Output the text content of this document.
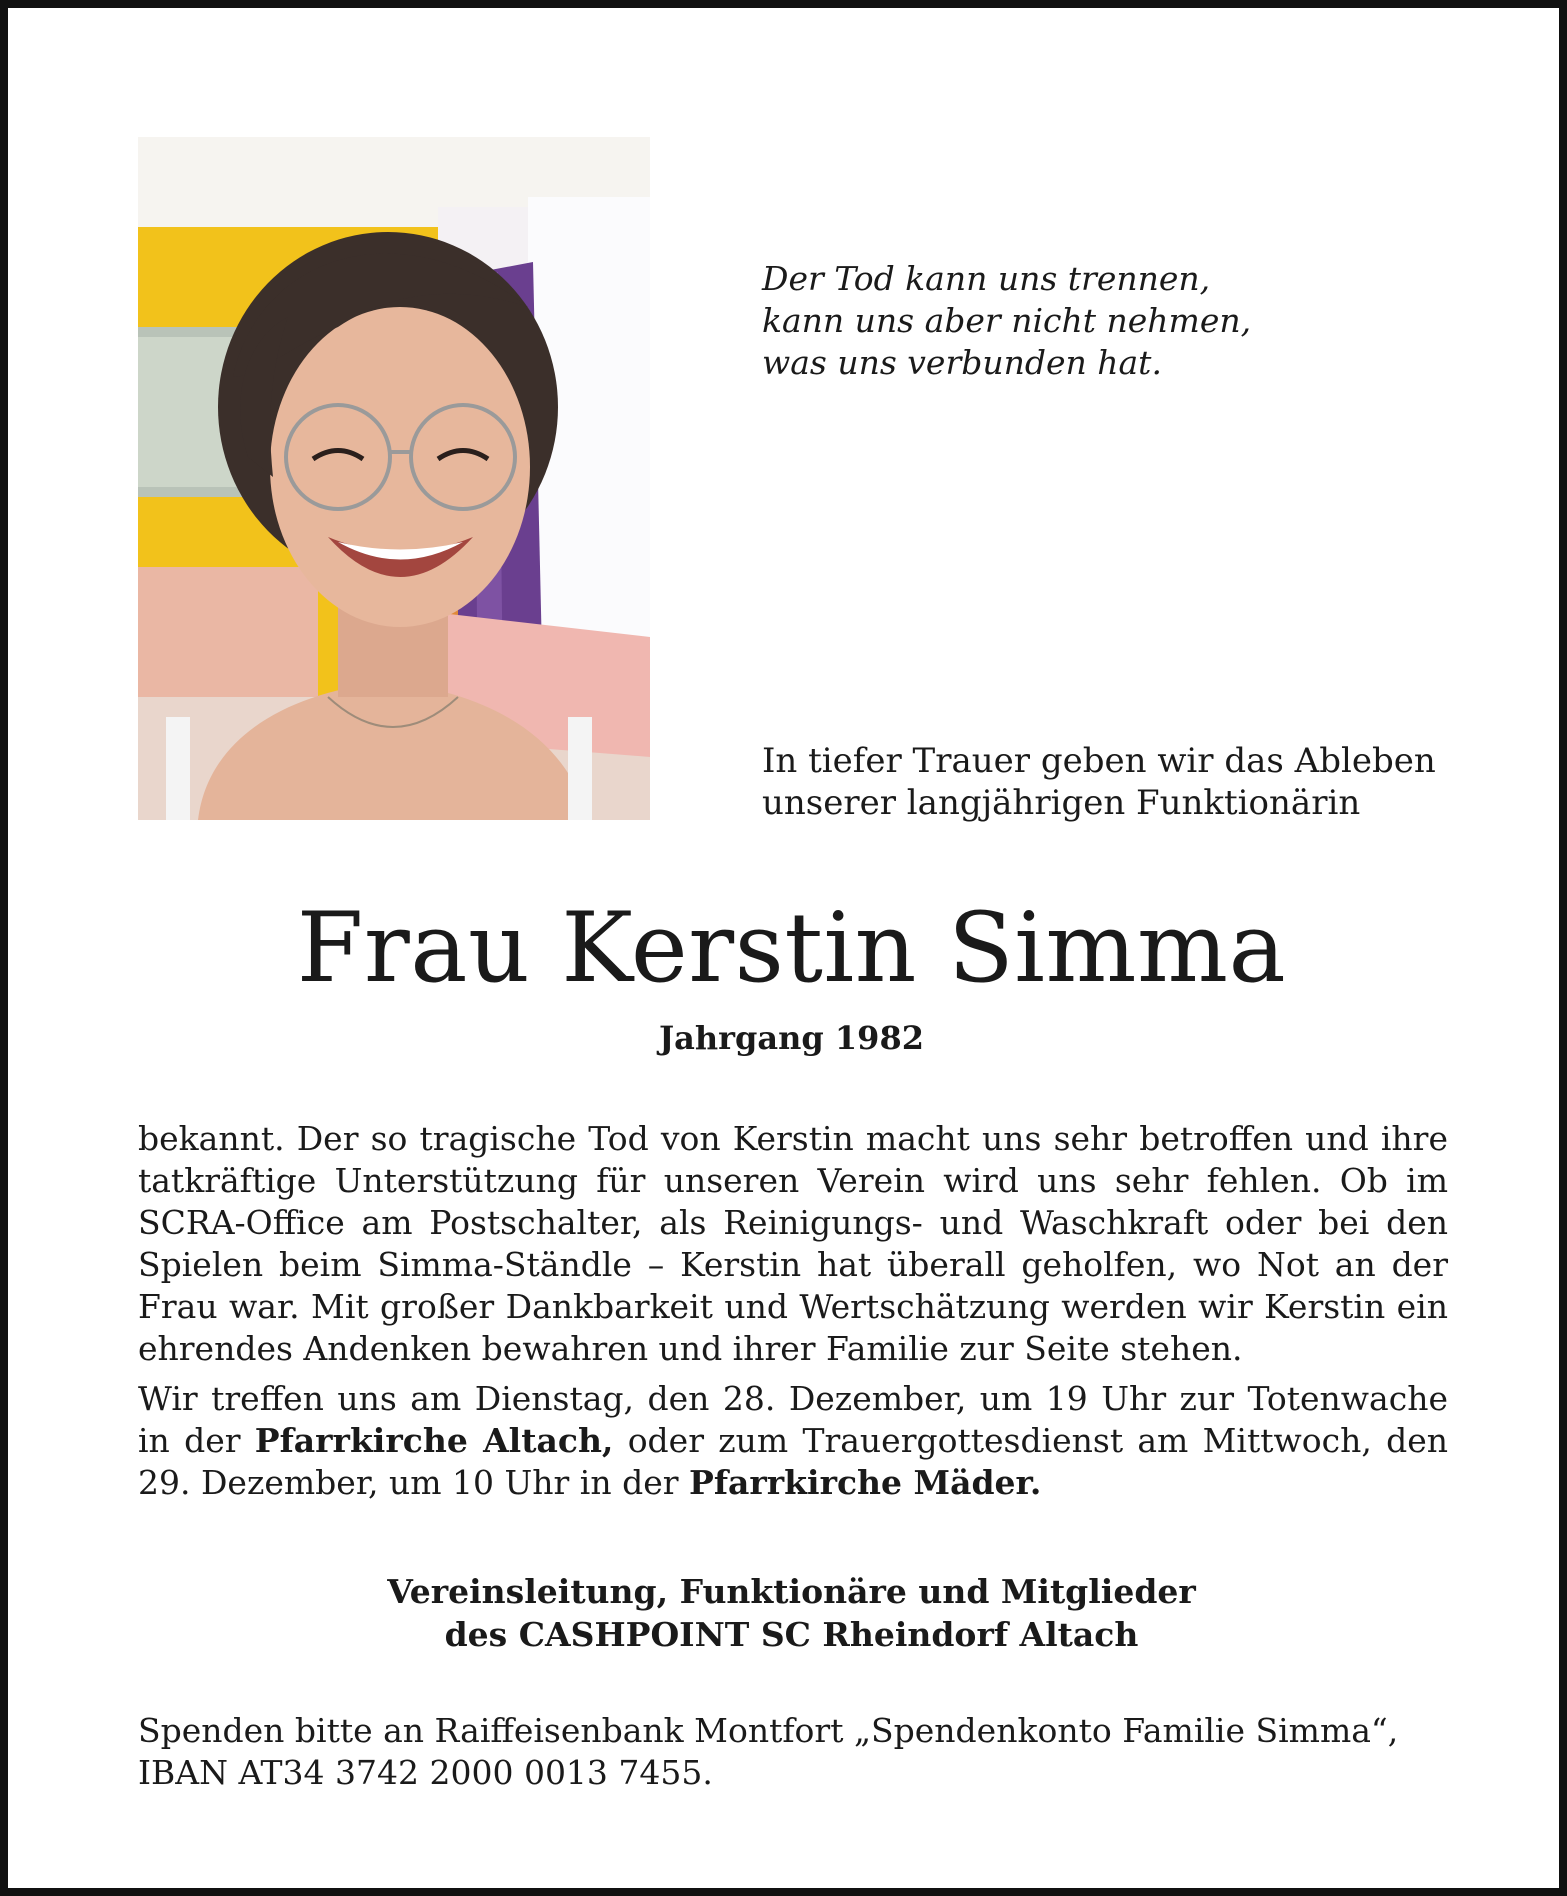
Der Tod kann uns trennen,
kann uns aber nicht nehmen,
was uns verbunden hat.
In tiefer Trauer geben wir das Ableben
unserer langjährigen Funktionärin
Frau Kerstin Simma
Jahrgang 1982

bekannt. Der so tragische Tod von Kerstin macht uns sehr betroffen und ihre tatkräftige Unterstützung für unseren Verein wird uns sehr fehlen. Ob im SCRA-Office am Postschalter, als Reinigungs- und Waschkraft oder bei den Spielen beim Simma-Ständle – Kerstin hat überall geholfen, wo Not an der Frau war. Mit großer Dankbarkeit und Wertschätzung werden wir Kerstin ein ehrendes Andenken bewahren und ihrer Familie zur Seite stehen.

Wir treffen uns am Dienstag, den 28. Dezember, um 19 Uhr zur Totenwache in der Pfarrkirche Altach, oder zum Trauergottesdienst am Mittwoch, den 29. Dezember, um 10 Uhr in der Pfarrkirche Mäder.

Vereinsleitung, Funktionäre und Mitglieder
des CASHPOINT SC Rheindorf Altach
Spenden bitte an Raiffeisenbank Montfort „Spendenkonto Familie Simma“,
IBAN AT34 3742 2000 0013 7455.
